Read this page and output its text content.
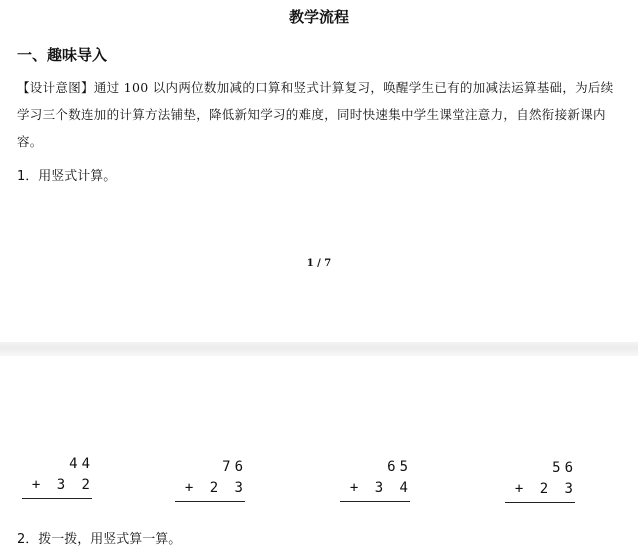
教学流程
一、趣味导入
【设计意图】通过 100 以内两位数加减的口算和竖式计算复习，唤醒学生已有的加减法运算基础，为后续学习三个数连加的计算方法铺垫，降低新知学习的难度，同时快速集中学生课堂注意力，自然衔接新课内容。
1．用竖式计算。
1 / 7
44
+ 3 2
76
+ 2 3
65
+ 3 4
56
+ 2 3
2．拨一拨，用竖式算一算。
